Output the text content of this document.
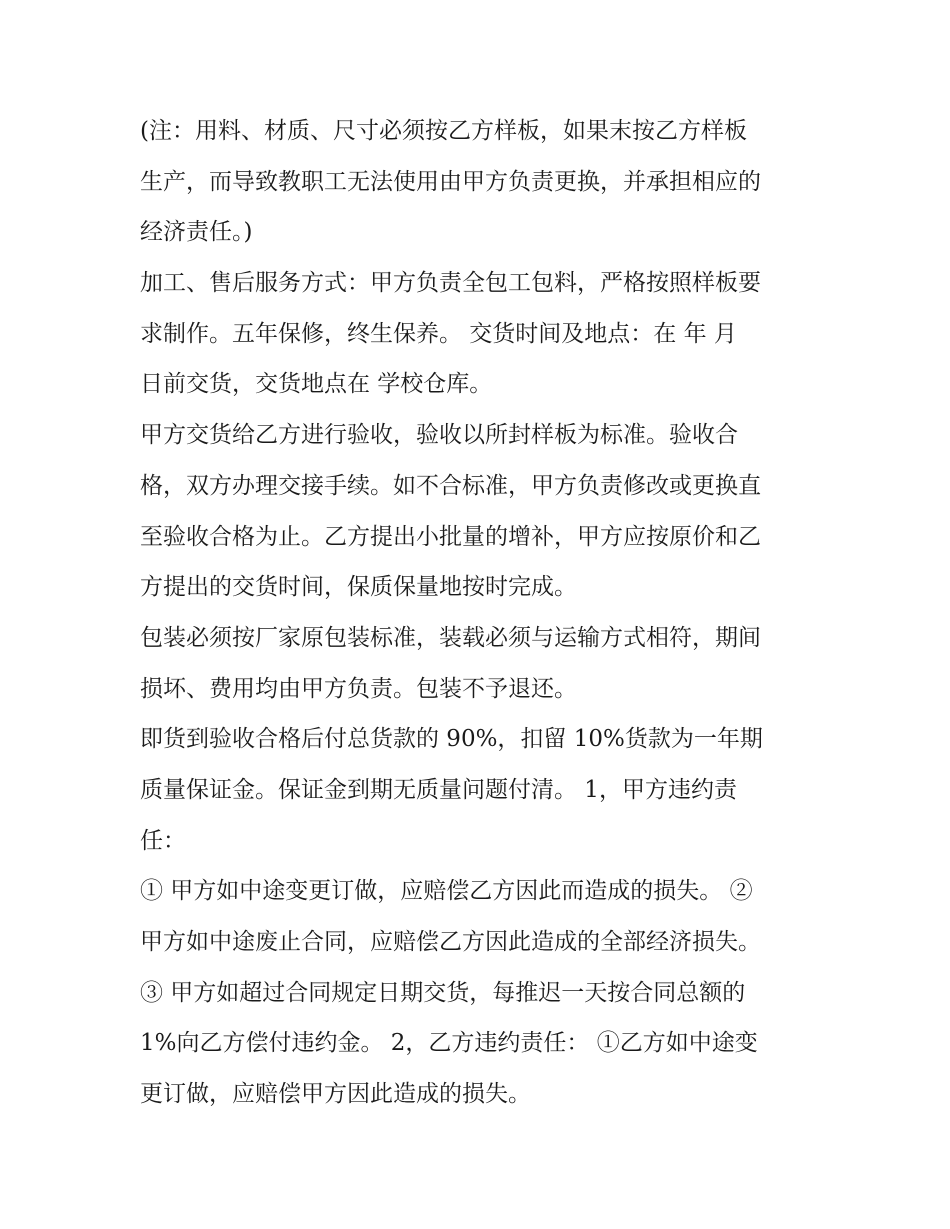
(注：用料、材质、尺寸必须按乙方样板，如果末按乙方样板
生产，而导致教职工无法使用由甲方负责更换，并承担相应的
经济责任。)
加工、售后服务方式：甲方负责全包工包料，严格按照样板要
求制作。五年保修，终生保养。 交货时间及地点：在 年 月
日前交货，交货地点在 学校仓库。
甲方交货给乙方进行验收，验收以所封样板为标准。验收合
格，双方办理交接手续。如不合标准，甲方负责修改或更换直
至验收合格为止。乙方提出小批量的增补，甲方应按原价和乙
方提出的交货时间，保质保量地按时完成。
包装必须按厂家原包装标准，装载必须与运输方式相符，期间
损坏、费用均由甲方负责。包装不予退还。
即货到验收合格后付总货款的 90%，扣留 10%货款为一年期
质量保证金。保证金到期无质量问题付清。 1，甲方违约责
任：
① 甲方如中途变更订做，应赔偿乙方因此而造成的损失。 ②
甲方如中途废止合同，应赔偿乙方因此造成的全部经济损失。
③ 甲方如超过合同规定日期交货，每推迟一天按合同总额的
1%向乙方偿付违约金。 2，乙方违约责任： ①乙方如中途变
更订做，应赔偿甲方因此造成的损失。
